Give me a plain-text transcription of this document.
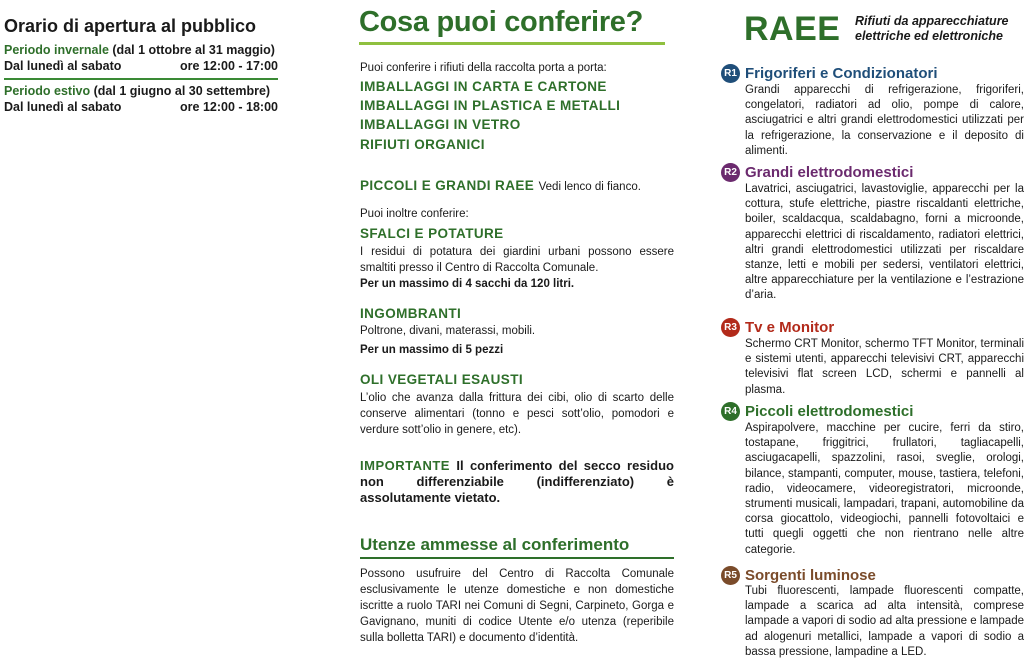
Orario di apertura al pubblico
Periodo invernale (dal 1 ottobre al 31 maggio)
Dal lunedì al sabato	ore 12:00 - 17:00
Periodo estivo (dal 1 giugno al 30 settembre)
Dal lunedì al sabato	ore 12:00 - 18:00
Cosa puoi conferire?
Puoi conferire i rifiuti della raccolta porta a porta:
IMBALLAGGI IN CARTA E CARTONE
IMBALLAGGI IN PLASTICA E METALLI
IMBALLAGGI IN VETRO
RIFIUTI ORGANICI
PICCOLI E GRANDI RAEE Vedi lenco di fianco.
Puoi inoltre conferire:
SFALCI E POTATURE
I residui di potatura dei giardini urbani possono essere smaltiti presso il Centro di Raccolta Comunale.
Per un massimo di 4 sacchi da 120 litri.
INGOMBRANTI
Poltrone, divani, materassi, mobili.
Per un massimo di 5 pezzi
OLI VEGETALI ESAUSTI
L’olio che avanza dalla frittura dei cibi, olio di scarto delle conserve alimentari (tonno e pesci sott’olio, pomodori e verdure sott’olio in genere, etc).
IMPORTANTE Il conferimento del secco residuo non differenziabile (indifferenziato) è assolutamente vietato.
Utenze ammesse al conferimento
Possono usufruire del Centro di Raccolta Comunale esclusivamente le utenze domestiche e non domestiche iscritte a ruolo TARI nei Comuni di Segni, Carpineto, Gorga e Gavignano, muniti di codice Utente e/o utenza (reperibile sulla bolletta TARI) e documento d’identità.
RAEE Rifiuti da apparecchiature
elettriche ed elettroniche
R1 Frigoriferi e Condizionatori
Grandi apparecchi di refrigerazione, frigoriferi, congelatori, radiatori ad olio, pompe di calore, asciugatrici e altri grandi elettrodomestici utilizzati per la refrigerazione, la conservazione e il deposito di alimenti.
R2 Grandi elettrodomestici
Lavatrici, asciugatrici, lavastoviglie, apparecchi per la cottura, stufe elettriche, piastre riscaldanti elettriche, boiler, scaldacqua, scaldabagno, forni a microonde, apparecchi elettrici di riscaldamento, radiatori elettrici, altri grandi elettrodomestici utilizzati per riscaldare stanze, letti e mobili per sedersi, ventilatori elettrici, altre apparecchiature per la ventilazione e l’estrazione d’aria.
R3 Tv e Monitor
Schermo CRT Monitor, schermo TFT Monitor, terminali e sistemi utenti, apparecchi televisivi CRT, apparecchi televisivi flat screen LCD, schermi e pannelli al plasma.
R4 Piccoli elettrodomestici
Aspirapolvere, macchine per cucire, ferri da stiro, tostapane, friggitrici, frullatori, tagliacapelli, asciugacapelli, spazzolini, rasoi, sveglie, orologi, bilance, stampanti, computer, mouse, tastiera, telefoni, radio, videocamere, videoregistratori, microonde, strumenti musicali, lampadari, trapani, automobiline da corsa giocattolo, videogiochi, pannelli fotovoltaici e tutti quegli oggetti che non rientrano nelle altre categorie.
R5 Sorgenti luminose
Tubi fluorescenti, lampade fluorescenti compatte, lampade a scarica ad alta intensità, comprese lampade a vapori di sodio ad alta pressione e lampade ad alogenuri metallici, lampade a vapori di sodio a bassa pressione, lampadine a LED.
